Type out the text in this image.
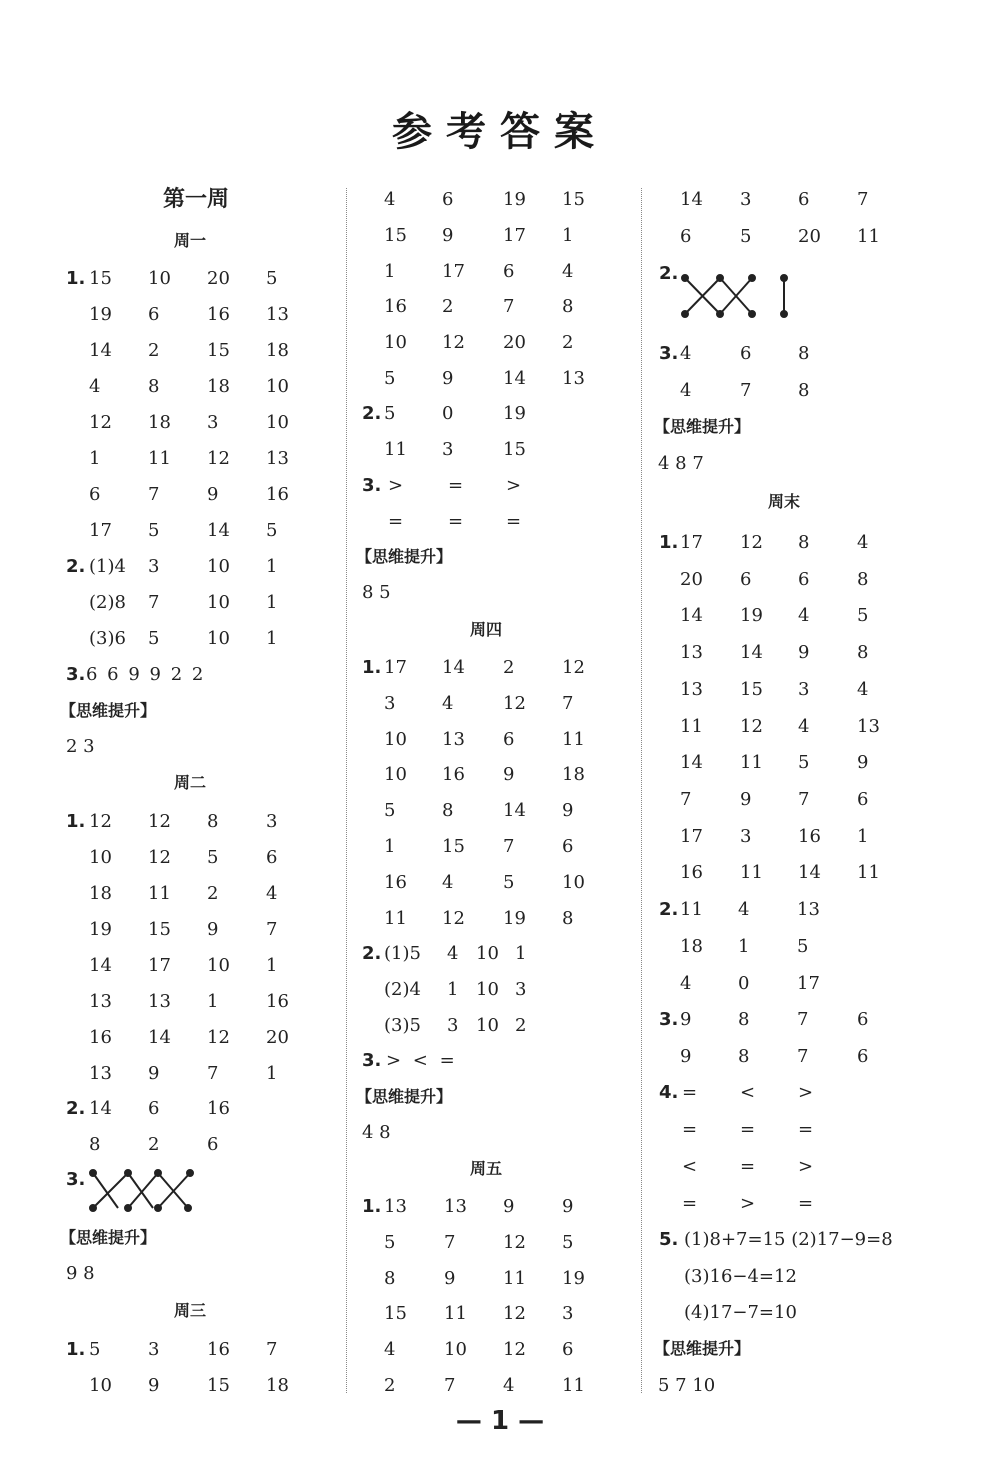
参考答案
第一周
周一
1. 15 10 20 5
19 6	16 13
14 2	15 18
4	8	18 10
12 18 3	10
1	11 12 13
6	7	9	16
17 5	14 5
2. (1)4 3	10 1
(2)8 7	10 1
(3)6 5	10 1
3. 6 6 9 9 2 2
【思维提升】
2 3
周二
1. 12 12 8	3
10 12 5	6
18 11 2	4
19 15 9	7
14 17 10 1
13 13 1	16
16 14 12 20
13 9	7	1
2. 14 6	16
8	2	6
3.
【思维提升】
9 8
周三
1. 5	3	16 7
10 9	15 18
4	6	19 15
15 9	17 1
1	17 6	4
16 2	7	8
10 12 20 2
5	9	14 13
2. 5	0	19
11 3	15
3. > = >
= = =
【思维提升】
8 5
周四
1. 17 14 2	12
3	4	12 7
10 13 6	11
10 16 9	18
5	8	14 9
1	15 7	6
16 4	5	10
11 12 19 8
2. (1)5 4 10 1
(2)4 1 10 3
(3)5 3 10 2
3. > < =
【思维提升】
4 8
周五
1. 13 13 9	9
5	7	12 5
8	9	11 19
15 11 12 3
4	10 12 6
2	7	4	11
14 3	6	7
6	5	20 11
2.
3. 4	6	8
4	7	8
【思维提升】
4 8 7
周末
1. 17 12 8	4
20 6	6	8
14 19 4	5
13 14 9	8
13 15 3	4
11 12 4	13
14 11 5	9
7	9	7	6
17 3	16 1
16 11 14 11
2. 11 4	13
18 1	5
4	0	17
3. 9	8	7	6
9	8	7	6
4. = < >
= = =
< = >
= > =
5. (1)8+7=15 (2)17−9=8
(3)16−4=12
(4)17−7=10
【思维提升】
5 7 10
— 1 —
